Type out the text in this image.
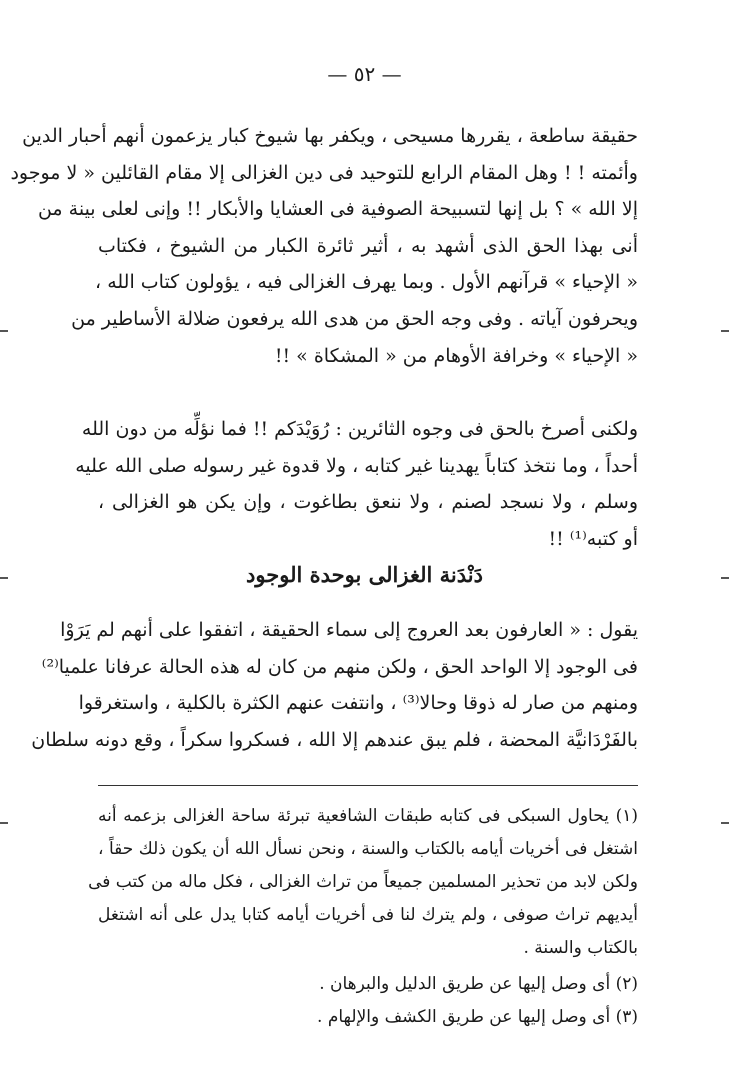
— ٥٢ —
حقيقة ساطعة ، يقررها مسيحى ، ويكفر بها شيوخ كبار يزعمون أنهم أحبار الدين
وأئمته ! ! وهل المقام الرابع للتوحيد فى دين الغزالى إلا مقام القائلين « لا موجود
إلا الله » ؟ بل إنها لتسبيحة الصوفية فى العشايا والأبكار !! وإنى لعلى بينة من
أنى بهذا الحق الذى أشهد به ، أثير ثائرة الكبار من الشيوخ ، فكتاب
« الإحياء » قرآنهم الأول . وبما يهرف الغزالى فيه ، يؤولون كتاب الله ،
ويحرفون آياته . وفى وجه الحق من هدى الله يرفعون ضلالة الأساطير من
« الإحياء » وخرافة الأوهام من « المشكاة » !!
ولكنى أصرخ بالحق فى وجوه الثائرين : رُوَيْدَكم !! فما نؤلِّه من دون الله
أحداً ، وما نتخذ كتاباً يهدينا غير كتابه ، ولا قدوة غير رسوله صلى الله عليه
وسلم ، ولا نسجد لصنم ، ولا ننعق بطاغوت ، وإن يكن هو الغزالى ،
أو كتبه⁽¹⁾ !!
دَنْدَنة الغزالى بوحدة الوجود
يقول : « العارفون بعد العروج إلى سماء الحقيقة ، اتفقوا على أنهم لم يَرَوْا
فى الوجود إلا الواحد الحق ، ولكن منهم من كان له هذه الحالة عرفانا علميا⁽²⁾
ومنهم من صار له ذوقا وحالا⁽³⁾ ، وانتفت عنهم الكثرة بالكلية ، واستغرقوا
بالفَرْدَانيَّة المحضة ، فلم يبق عندهم إلا الله ، فسكروا سكراً ، وقع دونه سلطان
(١) يحاول السبكى فى كتابه طبقات الشافعية تبرئة ساحة الغزالى بزعمه أنه
اشتغل فى أخريات أيامه بالكتاب والسنة ، ونحن نسأل الله أن يكون ذلك حقاً ،
ولكن لابد من تحذير المسلمين جميعاً من تراث الغزالى ، فكل ماله من كتب فى
أيديهم تراث صوفى ، ولم يترك لنا فى أخريات أيامه كتابا يدل على أنه اشتغل
بالكتاب والسنة .
(٢) أى وصل إليها عن طريق الدليل والبرهان .
(٣) أى وصل إليها عن طريق الكشف والإلهام .
